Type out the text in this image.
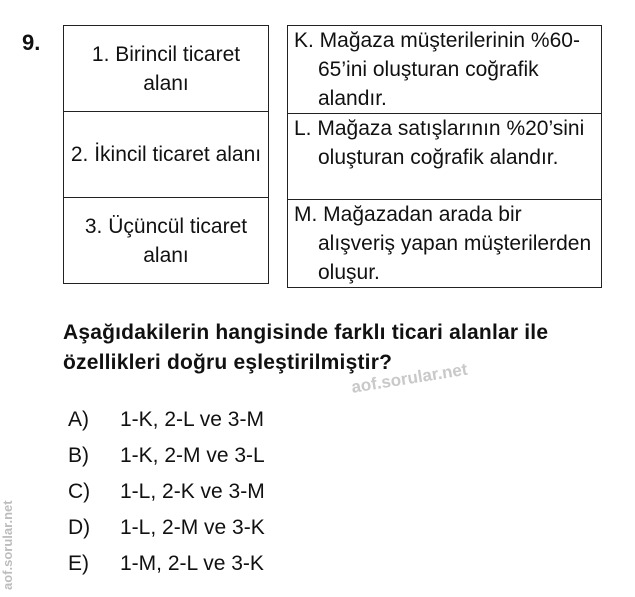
9. 1. Birincil ticaret alanı
2. İkincil ticaret alanı
3. Üçüncül ticaret alanı
K. Mağaza müşterilerinin %60-65’ini oluşturan coğrafik alandır.

L. Mağaza satışlarının %20’sini oluşturan coğrafik alandır.

M. Mağazadan arada bir alışveriş yapan müşterilerden oluşur.
Aşağıdakilerin hangisinde farklı ticari alanlar ile özellikleri doğru eşleştirilmiştir?
A) 1-K, 2-L ve 3-M
B) 1-K, 2-M ve 3-L
C) 1-L, 2-K ve 3-M
D) 1-L, 2-M ve 3-K
E) 1-M, 2-L ve 3-K
aof.sorular.net
aof.sorular.net
